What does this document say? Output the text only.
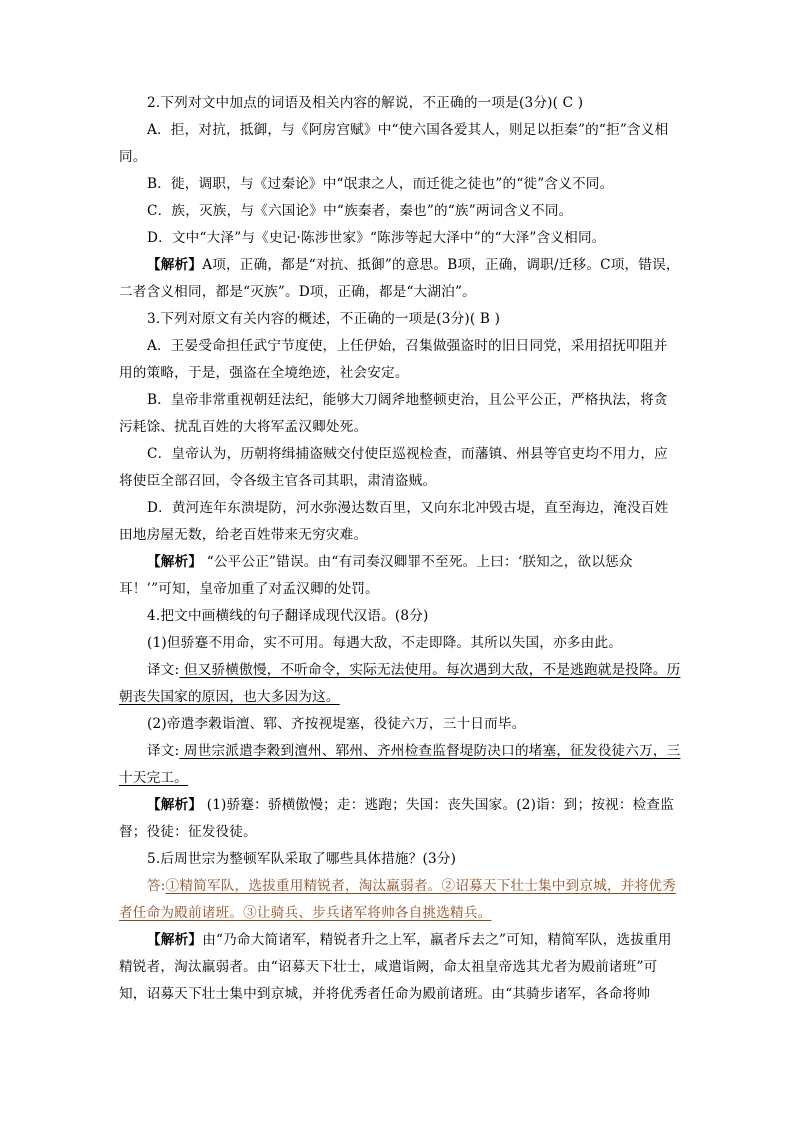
2.下列对文中加点的词语及相关内容的解说，不正确的一项是(3分)( C )

A．拒，对抗，抵御，与《阿房宫赋》中“使六国各爱其人，则足以拒秦”的“拒”含义相同。

B．徙，调职，与《过秦论》中“氓隶之人，而迁徙之徒也”的“徙”含义不同。

C．族，灭族，与《六国论》中“族秦者，秦也”的“族”两词含义不同。

D．文中“大泽”与《史记·陈涉世家》“陈涉等起大泽中”的“大泽”含义相同。

【解析】A项，正确，都是“对抗、抵御”的意思。B项，正确，调职/迁移。C项，错误，二者含义相同，都是“灭族”。D项，正确，都是“大湖泊”。

3.下列对原文有关内容的概述，不正确的一项是(3分)( B )

A．王晏受命担任武宁节度使，上任伊始，召集做强盗时的旧日同党，采用招抚叩阻并用的策略，于是，强盗在全境绝迹，社会安定。

B．皇帝非常重视朝廷法纪，能够大刀阔斧地整顿吏治，且公平公正，严格执法，将贪污耗馀、扰乱百姓的大将军孟汉卿处死。

C．皇帝认为，历朝将缉捕盗贼交付使臣巡视检查，而藩镇、州县等官吏均不用力，应将使臣全部召回，令各级主官各司其职，肃清盗贼。

D．黄河连年东溃堤防，河水弥漫达数百里，又向东北冲毁古堤，直至海边，淹没百姓田地房屋无数，给老百姓带来无穷灾难。

【解析】 “公平公正”错误。由“有司奏汉卿罪不至死。上曰：‘朕知之，欲以惩众耳！’”可知，皇帝加重了对孟汉卿的处罚。

4.把文中画横线的句子翻译成现代汉语。(8分)

(1)但骄蹇不用命，实不可用。每遇大敌，不走即降。其所以失国，亦多由此。

译文: 但又骄横傲慢，不听命令，实际无法使用。每次遇到大敌，不是逃跑就是投降。历朝丧失国家的原因，也大多因为这。

(2)帝遣李穀诣澶、郓、齐按视堤塞，役徒六万，三十日而毕。

译文: 周世宗派遣李穀到澶州、郓州、齐州检查监督堤防决口的堵塞，征发役徒六万，三十天完工。

【解析】 (1)骄蹇：骄横傲慢；走：逃跑；失国：丧失国家。(2)诣：到；按视：检查监督；役徒：征发役徒。

5.后周世宗为整顿军队采取了哪些具体措施？(3分)

答:①精简军队，选拔重用精锐者，淘汰羸弱者。②诏募天下壮士集中到京城，并将优秀者任命为殿前诸班。③让骑兵、步兵诸军将帅各自挑选精兵。

【解析】由“乃命大简诸军，精锐者升之上军，羸者斥去之”可知，精简军队，选拔重用精锐者，淘汰羸弱者。由“诏募天下壮士，咸遣诣阙，命太祖皇帝选其尤者为殿前诸班”可知，诏募天下壮士集中到京城，并将优秀者任命为殿前诸班。由“其骑步诸军，各命将帅
